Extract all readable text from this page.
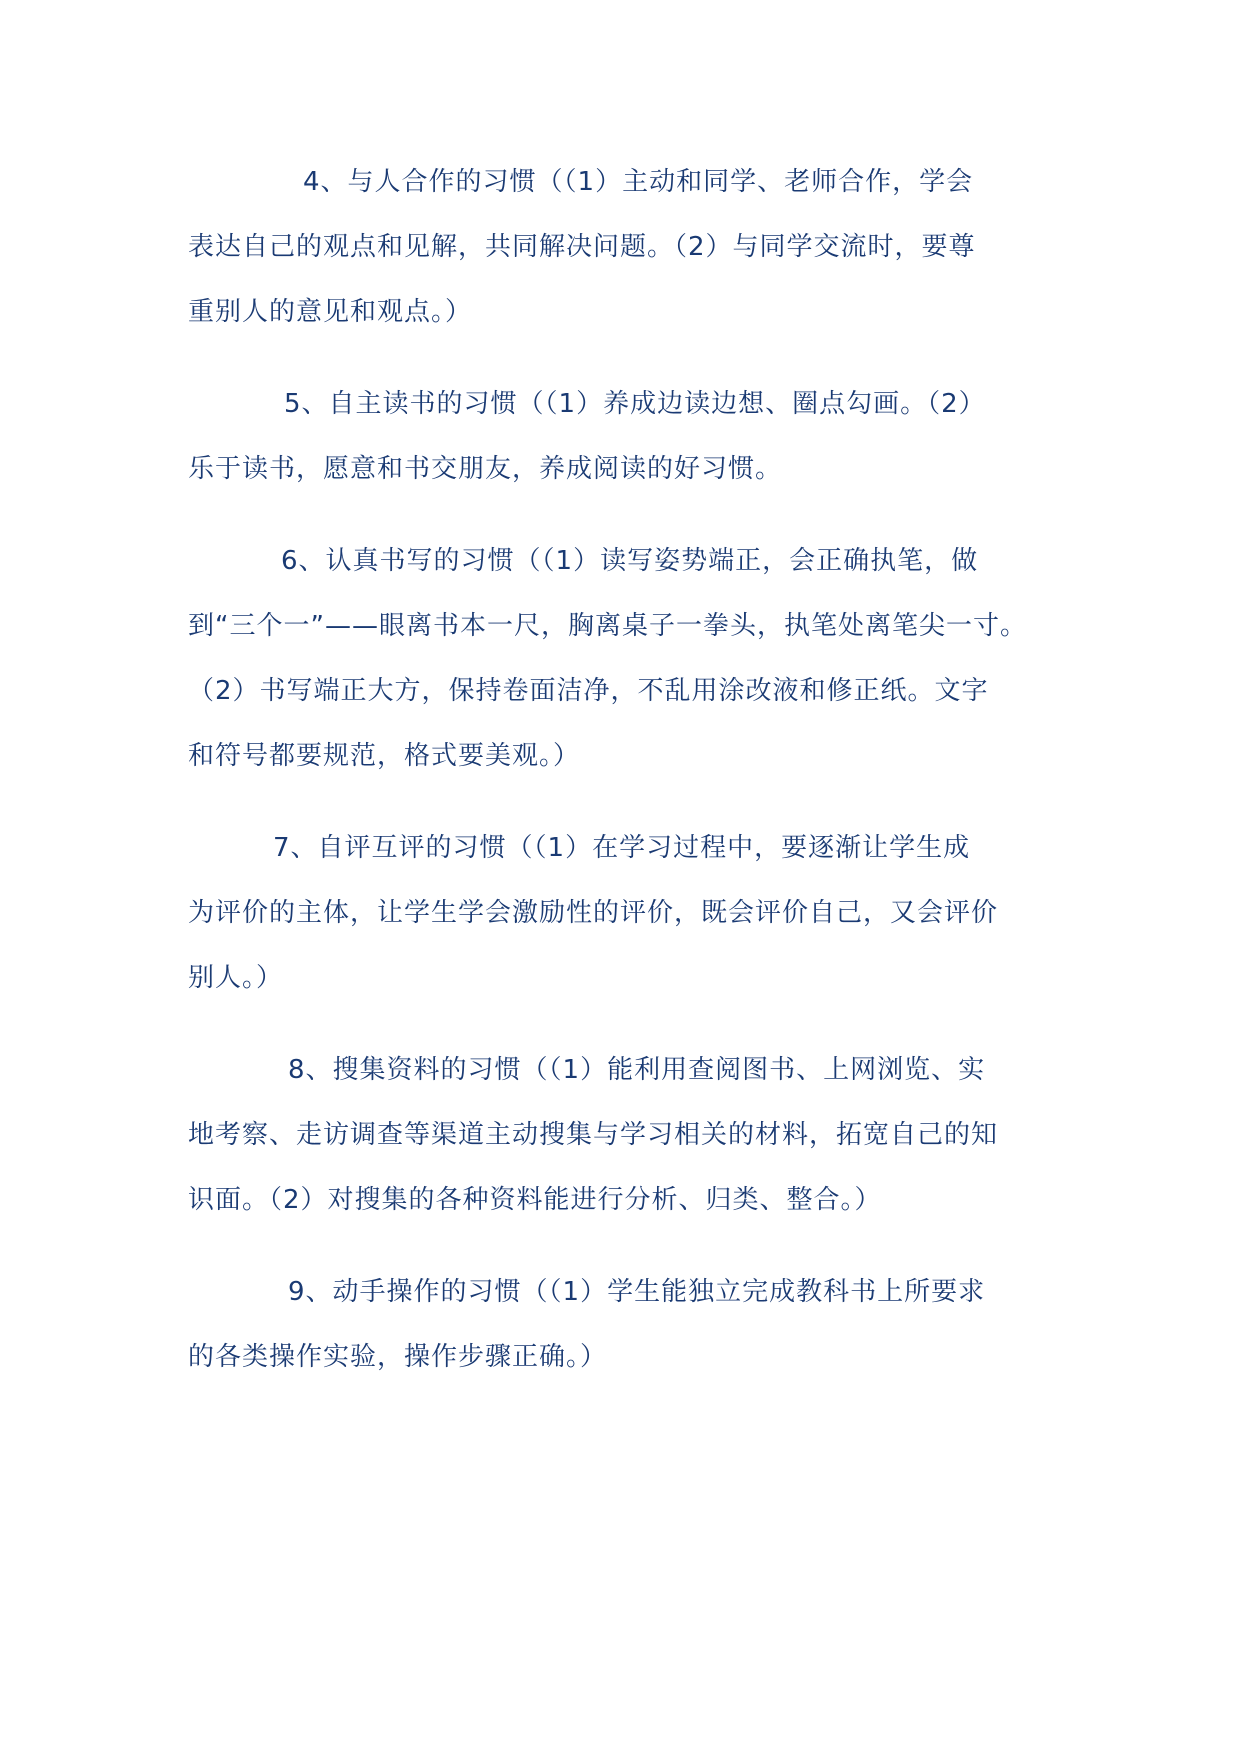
4、与人合作的习惯（（1）主动和同学、老师合作，学会
表达自己的观点和见解，共同解决问题。（2）与同学交流时，要尊
重别人的意见和观点。）
5、自主读书的习惯（（1）养成边读边想、圈点勾画。（2）
乐于读书，愿意和书交朋友，养成阅读的好习惯。
6、认真书写的习惯（（1）读写姿势端正，会正确执笔，做
到“三个一”——眼离书本一尺，胸离桌子一拳头，执笔处离笔尖一寸。
（2）书写端正大方，保持卷面洁净，不乱用涂改液和修正纸。文字
和符号都要规范，格式要美观。）
7、自评互评的习惯（（1）在学习过程中，要逐渐让学生成
为评价的主体，让学生学会激励性的评价，既会评价自己，又会评价
别人。）
8、搜集资料的习惯（（1）能利用查阅图书、上网浏览、实
地考察、走访调查等渠道主动搜集与学习相关的材料，拓宽自己的知
识面。（2）对搜集的各种资料能进行分析、归类、整合。）
9、动手操作的习惯（（1）学生能独立完成教科书上所要求
的各类操作实验，操作步骤正确。）
